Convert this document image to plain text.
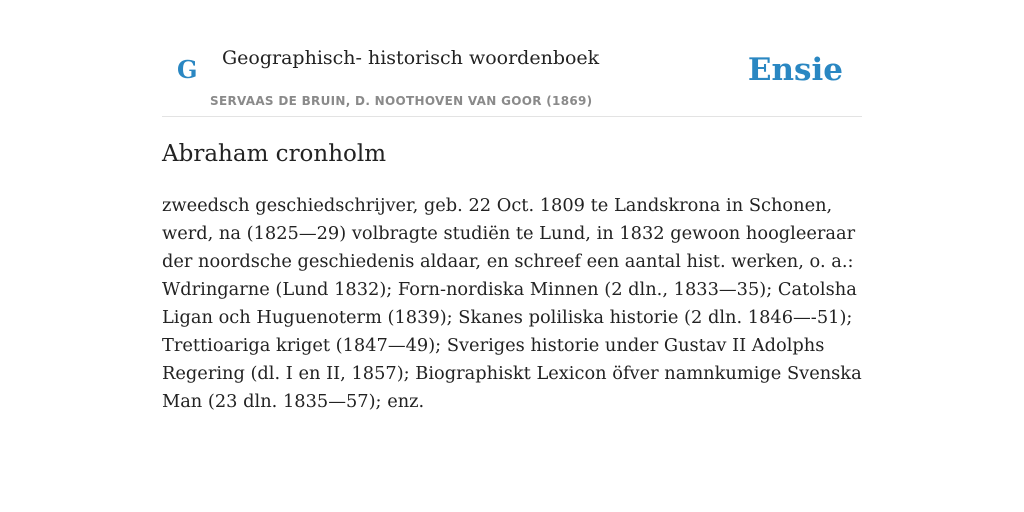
G Geographisch- historisch woordenboek
SERVAAS DE BRUIN, D. NOOTHOVEN VAN GOOR (1869)
Ensie
Abraham cronholm

zweedsch geschiedschrijver, geb. 22 Oct. 1809 te Landskrona in Schonen, werd, na (1825—29) volbragte studiën te Lund, in 1832 gewoon hoogleeraar der noordsche geschiedenis aldaar, en schreef een aantal hist. werken, o. a.: Wdringarne (Lund 1832); Forn-nordiska Minnen (2 dln., 1833—35); Catolsha Ligan och Huguenoterm (1839); Skanes poliliska historie (2 dln. 1846—-51); Trettioariga kriget (1847—49); Sveriges historie under Gustav II Adolphs Regering (dl. I en II, 1857); Biographiskt Lexicon öfver namnkumige Svenska Man (23 dln. 1835—57); enz.
